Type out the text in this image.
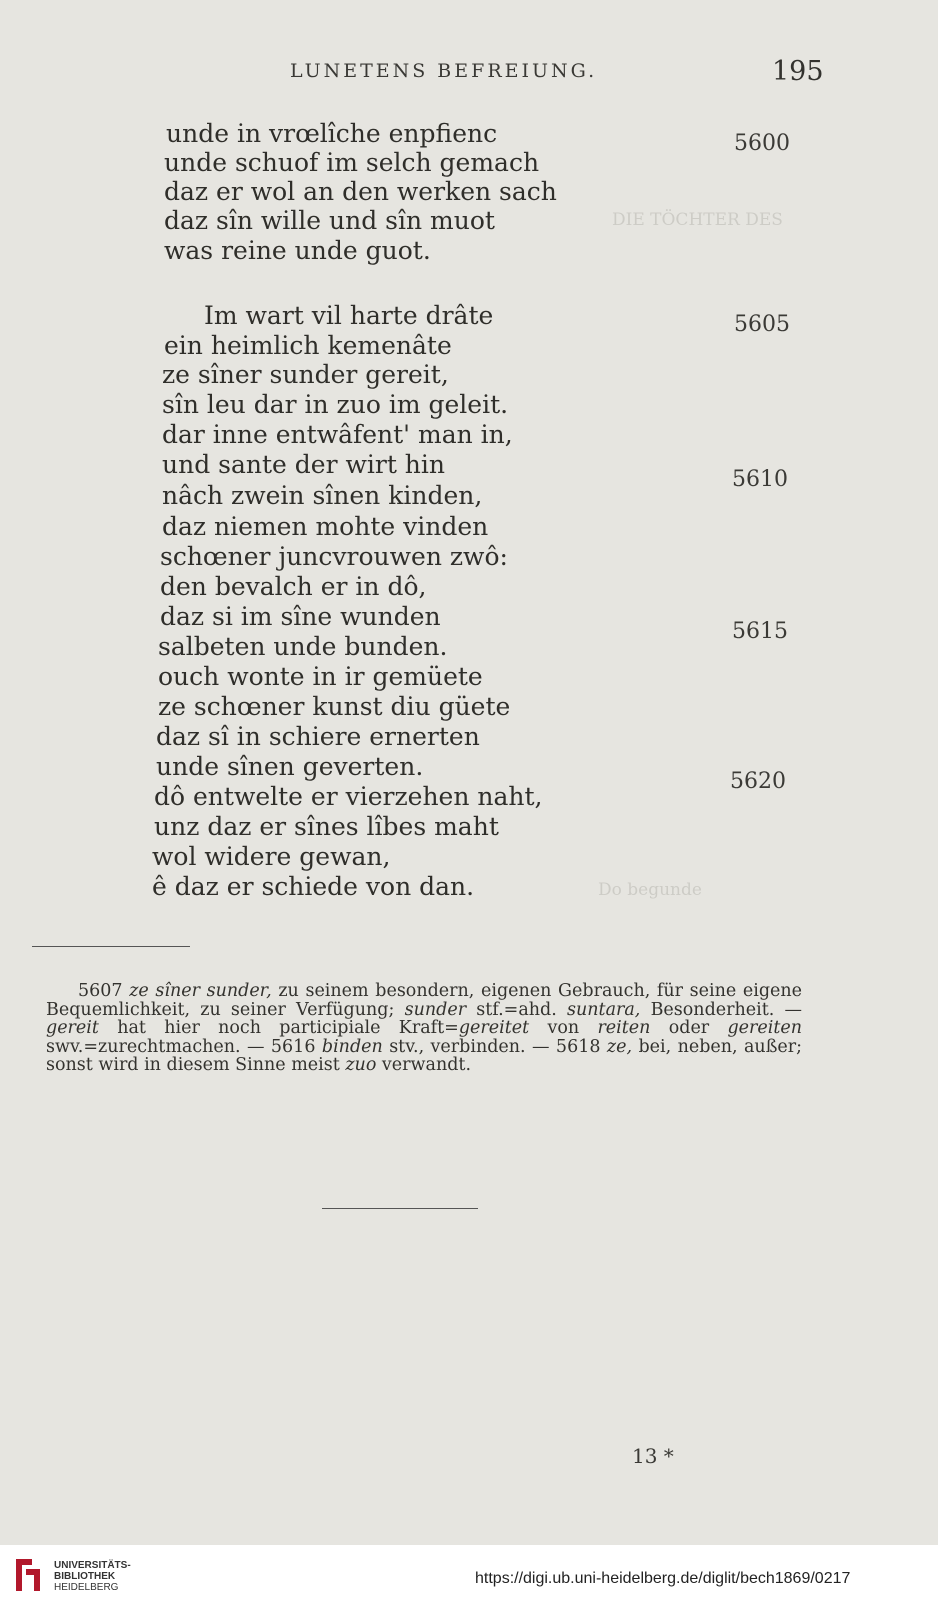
LUNETENS BEFREIUNG.	195
DIE TÖCHTER DES
Do begunde
unde in vrœlîche enpfienc
unde schuof im selch gemach
daz er wol an den werken sach
daz sîn wille und sîn muot
was reine unde guot.
Im wart vil harte drâte
ein heimlich kemenâte
ze sîner sunder gereit,
sîn leu dar in zuo im geleit.
dar inne entwâfent' man in,
und sante der wirt hin
nâch zwein sînen kinden,
daz niemen mohte vinden
schœner juncvrouwen zwô:
den bevalch er in dô,
daz si im sîne wunden
salbeten unde bunden.
ouch wonte in ir gemüete
ze schœner kunst diu güete
daz sî in schiere ernerten
unde sînen geverten.
dô entwelte er vierzehen naht,
unz daz er sînes lîbes maht
wol widere gewan,
ê daz er schiede von dan.
5600
5605
5610
5615
5620

5607 ze sîner sunder, zu seinem besondern, eigenen Gebrauch, für seine eigene Bequemlichkeit, zu seiner Verfügung; sunder stf.=ahd. suntara, Besonderheit. — gereit hat hier noch participiale Kraft=gereitet von reiten oder gereiten swv.=zurechtmachen. — 5616 binden stv., verbinden. — 5618 ze, bei, neben, außer; sonst wird in diesem Sinne meist zuo verwandt.

13 *
UNIVERSITÄTS-
BIBLIOTHEK
HEIDELBERG
https://digi.ub.uni-heidelberg.de/diglit/bech1869/0217
